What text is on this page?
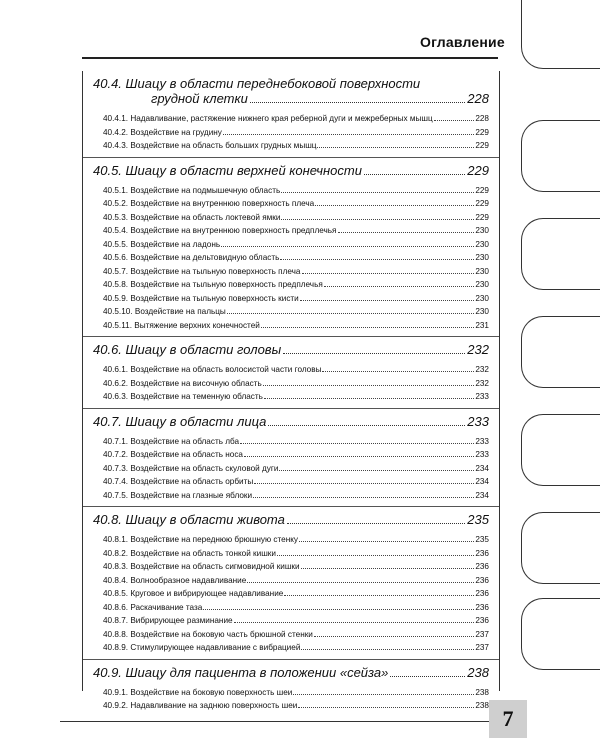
Оглавление
40.4. Шиацу в области переднебоковой поверхности
грудной клетки	228
40.4.1. Надавливание, растяжение нижнего края реберной дуги и межреберных мышц	228
40.4.2. Воздействие на грудину	229
40.4.3. Воздействие на область больших грудных мышц	229
40.5. Шиацу в области верхней конечности	229
40.5.1. Воздействие на подмышечную область	229
40.5.2. Воздействие на внутреннюю поверхность плеча	229
40.5.3. Воздействие на область локтевой ямки	229
40.5.4. Воздействие на внутреннюю поверхность предплечья	230
40.5.5. Воздействие на ладонь	230
40.5.6. Воздействие на дельтовидную область	230
40.5.7. Воздействие на тыльную поверхность плеча	230
40.5.8. Воздействие на тыльную поверхность предплечья	230
40.5.9. Воздействие на тыльную поверхность кисти	230
40.5.10. Воздействие на пальцы	230
40.5.11. Вытяжение верхних конечностей	231
40.6. Шиацу в области головы	232
40.6.1. Воздействие на область волосистой части головы	232
40.6.2. Воздействие на височную область	232
40.6.3. Воздействие на теменную область	233
40.7. Шиацу в области лица	233
40.7.1. Воздействие на область лба	233
40.7.2. Воздействие на область носа	233
40.7.3. Воздействие на область скуловой дуги	234
40.7.4. Воздействие на область орбиты	234
40.7.5. Воздействие на глазные яблоки	234
40.8. Шиацу в области живота	235
40.8.1. Воздействие на переднюю брюшную стенку	235
40.8.2. Воздействие на область тонкой кишки	236
40.8.3. Воздействие на область сигмовидной кишки	236
40.8.4. Волнообразное надавливание	236
40.8.5. Круговое и вибрирующее надавливание	236
40.8.6. Раскачивание таза	236
40.8.7. Вибрирующее разминание	236
40.8.8. Воздействие на боковую часть брюшной стенки	237
40.8.9. Стимулирующее надавливание с вибрацией	237
40.9. Шиацу для пациента в положении «сейза»	238
40.9.1. Воздействие на боковую поверхность шеи	238
40.9.2. Надавливание на заднюю поверхность шеи	238
7
